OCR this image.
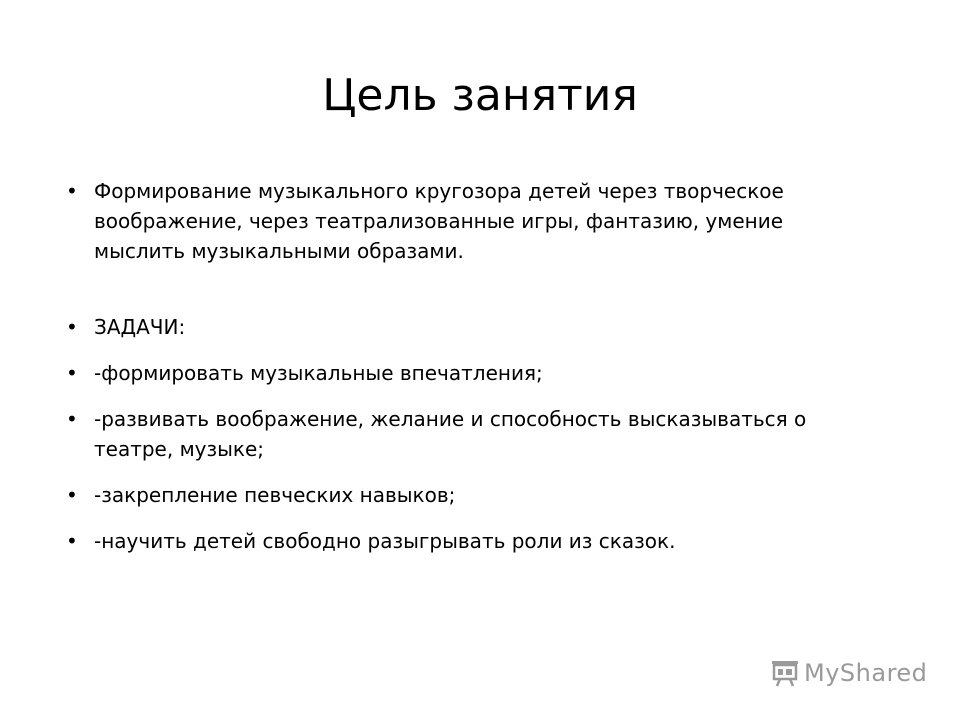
Цель занятия
• Формирование музыкального кругозора детей через творческое воображение, через театрализованные игры, фантазию, умение мыслить музыкальными образами.
• ЗАДАЧИ:
• -формировать музыкальные впечатления;
• -развивать воображение, желание и способность высказываться о театре, музыке;
• -закрепление певческих навыков;
• -научить детей свободно разыгрывать роли из сказок.
MyShared
